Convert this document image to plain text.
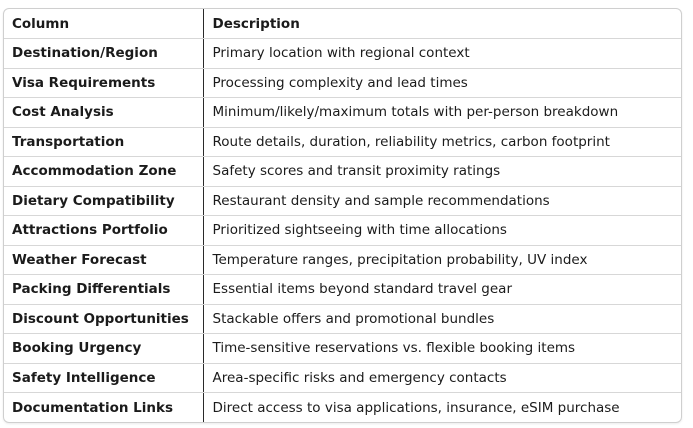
Column	Description
Destination/Region	Primary location with regional context
Visa Requirements	Processing complexity and lead times
Cost Analysis	Minimum/likely/maximum totals with per-person breakdown
Transportation	Route details, duration, reliability metrics, carbon footprint
Accommodation Zone	Safety scores and transit proximity ratings
Dietary Compatibility	Restaurant density and sample recommendations
Attractions Portfolio	Prioritized sightseeing with time allocations
Weather Forecast	Temperature ranges, precipitation probability, UV index
Packing Differentials	Essential items beyond standard travel gear
Discount Opportunities	Stackable offers and promotional bundles
Booking Urgency	Time-sensitive reservations vs. flexible booking items
Safety Intelligence	Area-specific risks and emergency contacts
Documentation Links	Direct access to visa applications, insurance, eSIM purchase
